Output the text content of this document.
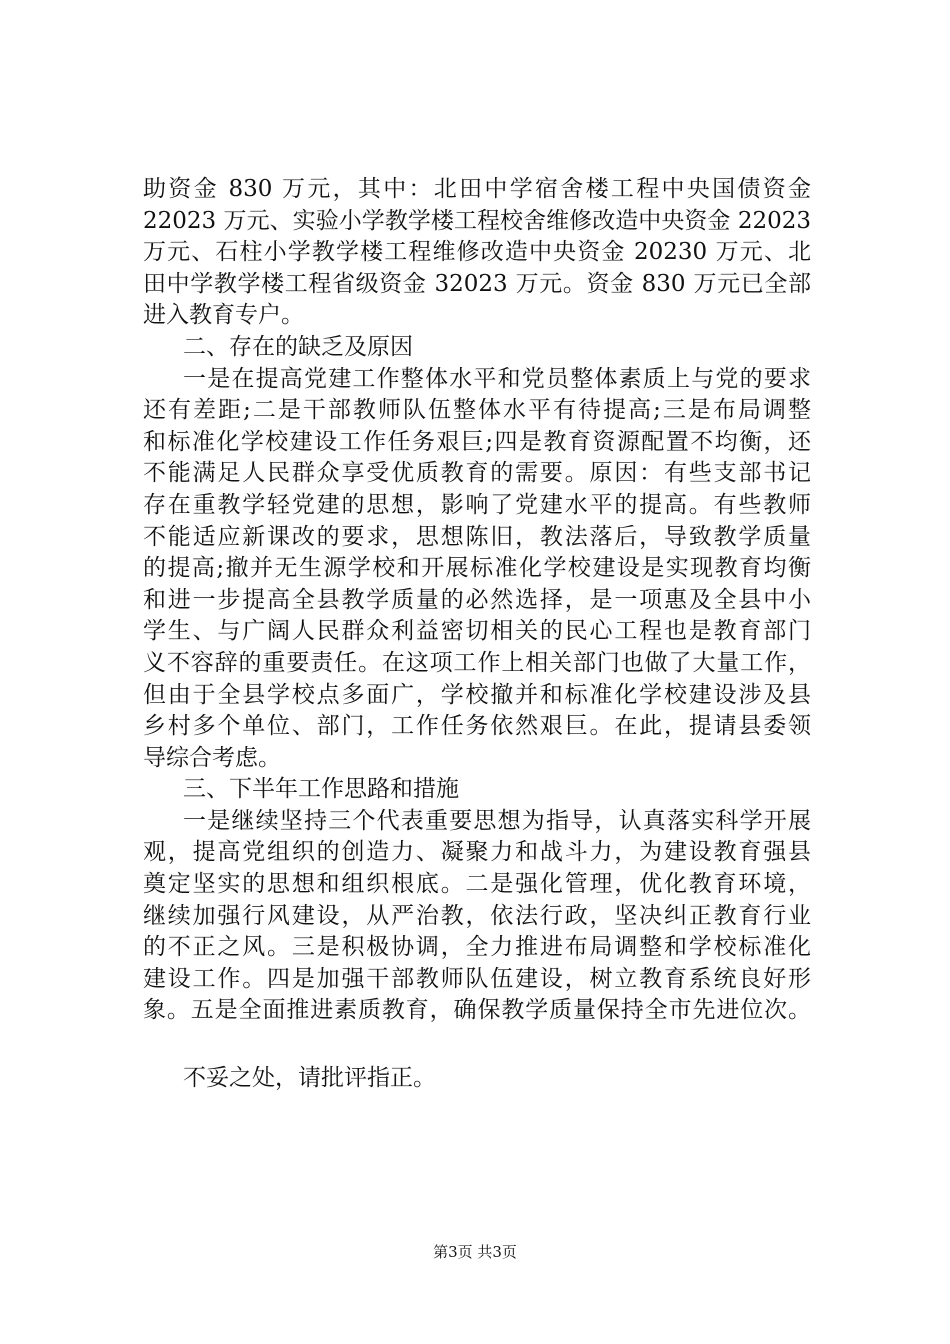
助资金 830 万元，其中：北田中学宿舍楼工程中央国债资金
22023 万元、实验小学教学楼工程校舍维修改造中央资金 22023
万元、石柱小学教学楼工程维修改造中央资金 20230 万元、北
田中学教学楼工程省级资金 32023 万元。资金 830 万元已全部
进入教育专户。
二、存在的缺乏及原因
一是在提高党建工作整体水平和党员整体素质上与党的要求
还有差距;二是干部教师队伍整体水平有待提高;三是布局调整
和标准化学校建设工作任务艰巨;四是教育资源配置不均衡，还
不能满足人民群众享受优质教育的需要。原因：有些支部书记
存在重教学轻党建的思想，影响了党建水平的提高。有些教师
不能适应新课改的要求，思想陈旧，教法落后，导致教学质量
的提高;撤并无生源学校和开展标准化学校建设是实现教育均衡
和进一步提高全县教学质量的必然选择，是一项惠及全县中小
学生、与广阔人民群众利益密切相关的民心工程也是教育部门
义不容辞的重要责任。在这项工作上相关部门也做了大量工作，
但由于全县学校点多面广，学校撤并和标准化学校建设涉及县
乡村多个单位、部门，工作任务依然艰巨。在此，提请县委领
导综合考虑。
三、下半年工作思路和措施
一是继续坚持三个代表重要思想为指导，认真落实科学开展
观，提高党组织的创造力、凝聚力和战斗力，为建设教育强县
奠定坚实的思想和组织根底。二是强化管理，优化教育环境，
继续加强行风建设，从严治教，依法行政，坚决纠正教育行业
的不正之风。三是积极协调，全力推进布局调整和学校标准化
建设工作。四是加强干部教师队伍建设，树立教育系统良好形
象。五是全面推进素质教育，确保教学质量保持全市先进位次。
不妥之处，请批评指正。
第3页 共3页
